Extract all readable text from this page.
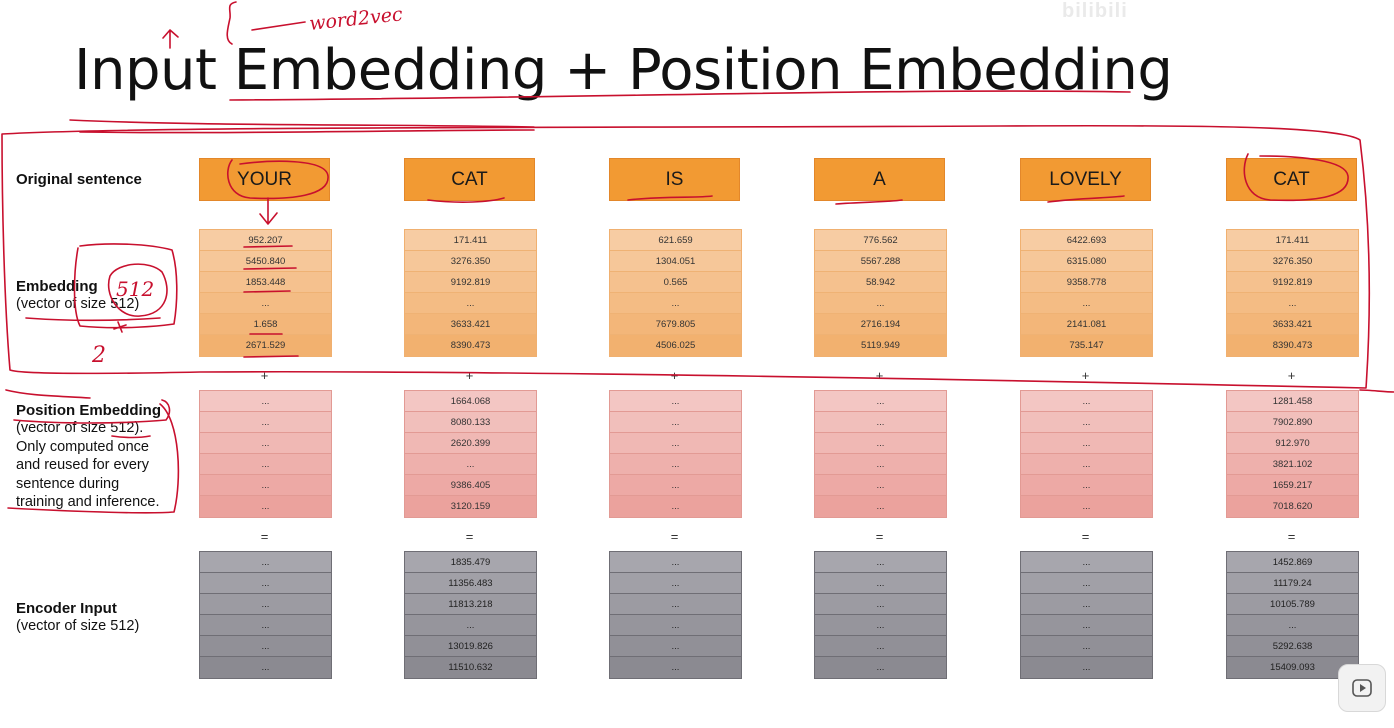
bilibili
Input Embedding + Position Embedding
Original sentence
Embedding
(vector of size 512)
Position Embedding
(vector of size 512).
Only computed once
and reused for every
sentence during
training and inference.
Encoder Input
(vector of size 512)
YOUR
952.207
5450.840
1853.448
...
1.658
2671.529
...
...
...
...
...
...
...
...
...
...
...
...
+
=
CAT
171.411
3276.350
9192.819
...
3633.421
8390.473
1664.068
8080.133
2620.399
...
9386.405
3120.159
1835.479
11356.483
11813.218
...
13019.826
11510.632
+
=
IS
621.659
1304.051
0.565
...
7679.805
4506.025
...
...
...
...
...
...
...
...
...
...
...
...
+
=
A
776.562
5567.288
58.942
...
2716.194
5119.949
...
...
...
...
...
...
...
...
...
...
...
...
+
=
LOVELY
6422.693
6315.080
9358.778
...
2141.081
735.147
...
...
...
...
...
...
...
...
...
...
...
...
+
=
CAT
171.411
3276.350
9192.819
...
3633.421
8390.473
1281.458
7902.890
912.970
3821.102
1659.217
7018.620
1452.869
11179.24
10105.789
...
5292.638
15409.093
+
=
word2vec
512
2
